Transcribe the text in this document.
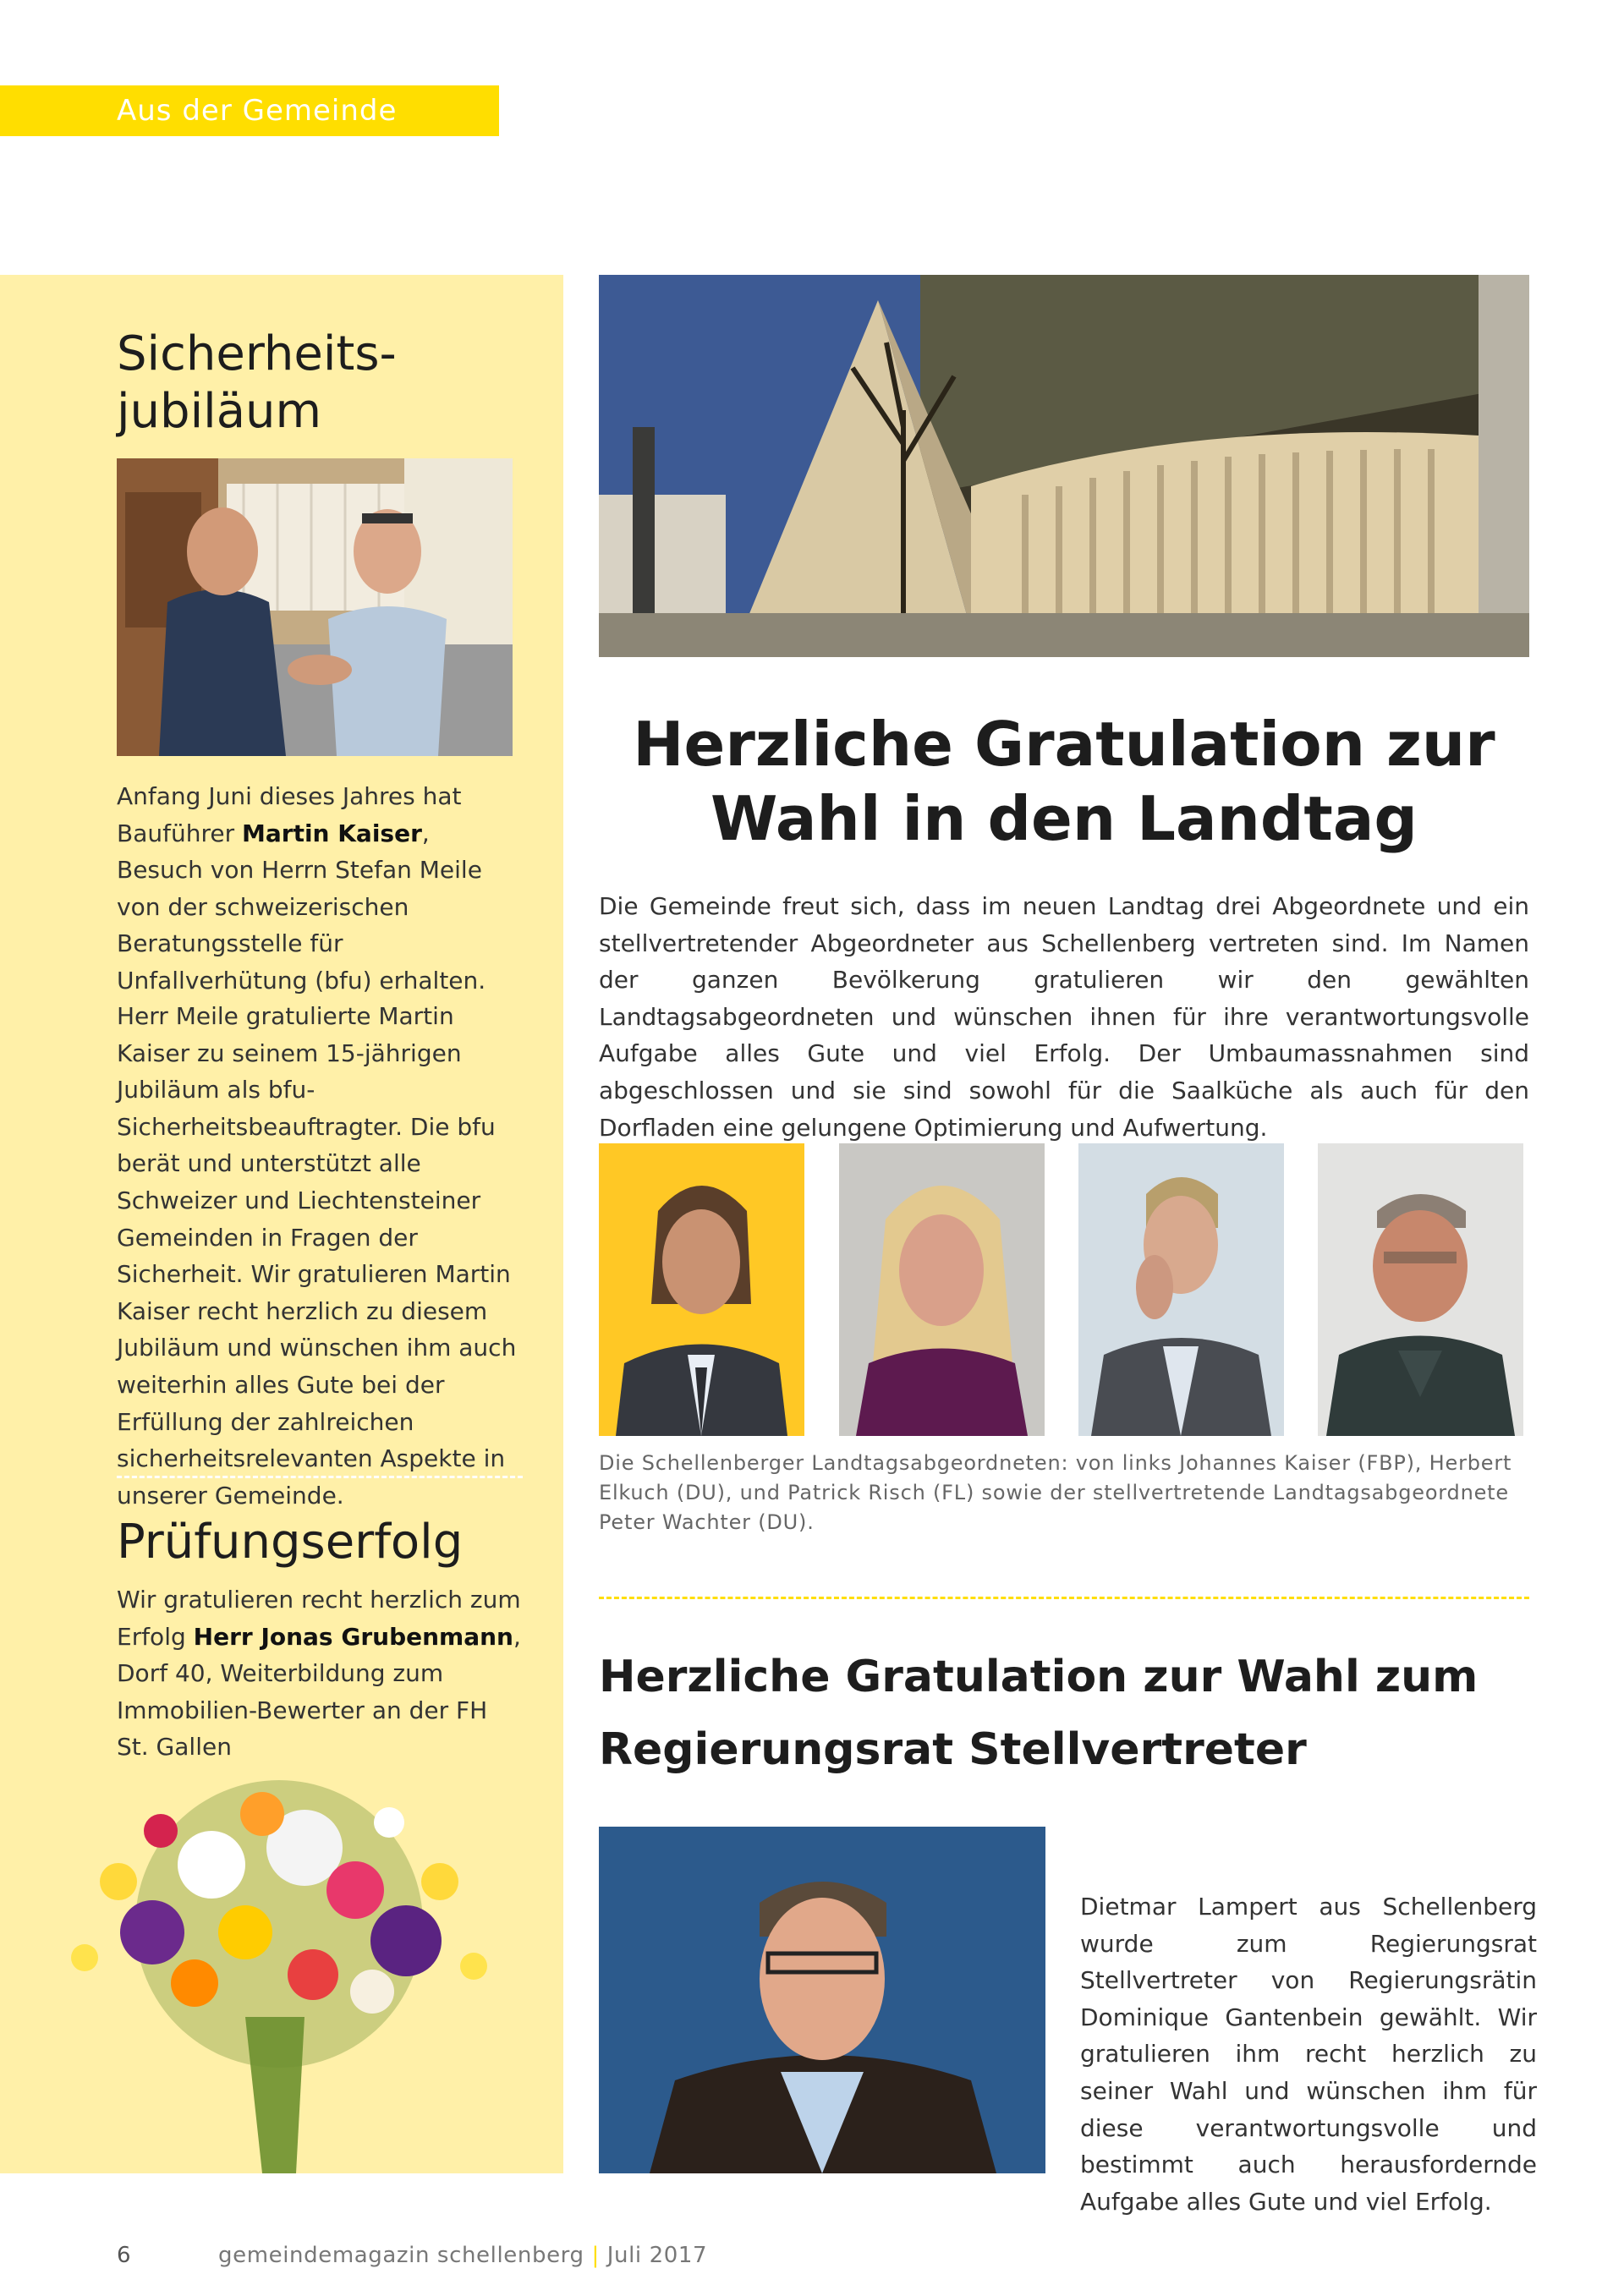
Aus der Gemeinde
Sicherheits-
jubiläum

Anfang Juni dieses Jahres hat Bauführer Martin Kaiser, Besuch von Herrn Stefan Meile von der schweizerischen Beratungsstelle für Unfallverhütung (bfu) erhalten.

Herr Meile gratulierte Martin Kaiser zu seinem 15-jährigen Jubiläum als bfu-Sicherheitsbeauftragter. Die bfu berät und unterstützt alle Schweizer und Liechtensteiner Gemeinden in Fragen der Sicherheit. Wir gratulieren Martin Kaiser recht herzlich zu diesem Jubiläum und wünschen ihm auch weiterhin alles Gute bei der Erfüllung der zahlreichen sicherheitsrelevanten Aspekte in unserer Gemeinde.

Prüfungserfolg

Wir gratulieren recht herzlich zum Erfolg Herr Jonas Grubenmann, Dorf 40, Weiterbildung zum Immobilien-Bewerter an der FH St. Gallen

Herzliche Gratulation zur
Wahl in den Landtag

Die Gemeinde freut sich, dass im neuen Landtag drei Abgeordnete und ein stellvertretender Abgeordneter aus Schellenberg vertreten sind. Im Namen der ganzen Bevölkerung gratulieren wir den gewählten Landtagsabgeordneten und wünschen ihnen für ihre verantwortungsvolle Aufgabe alles Gute und viel Erfolg. Der Umbaumassnahmen sind abgeschlossen und sie sind sowohl für die Saalküche als auch für den Dorfladen eine gelungene Optimierung und Aufwertung.

Die Schellenberger Landtagsabgeordneten: von links Johannes Kaiser (FBP), Herbert Elkuch (DU), und Patrick Risch (FL) sowie der stellvertretende Landtagsabgeordnete Peter Wachter (DU).

Herzliche Gratulation zur Wahl zum
Regierungsrat Stellvertreter

Dietmar Lampert aus Schellenberg wurde zum Regierungsrat Stellvertreter von Regierungsrätin Dominique Gantenbein gewählt. Wir gratulieren ihm recht herzlich zu seiner Wahl und wünschen ihm für diese verantwortungsvolle und bestimmt auch herausfordernde Aufgabe alles Gute und viel Erfolg.

6	gemeindemagazin schellenberg | Juli 2017
